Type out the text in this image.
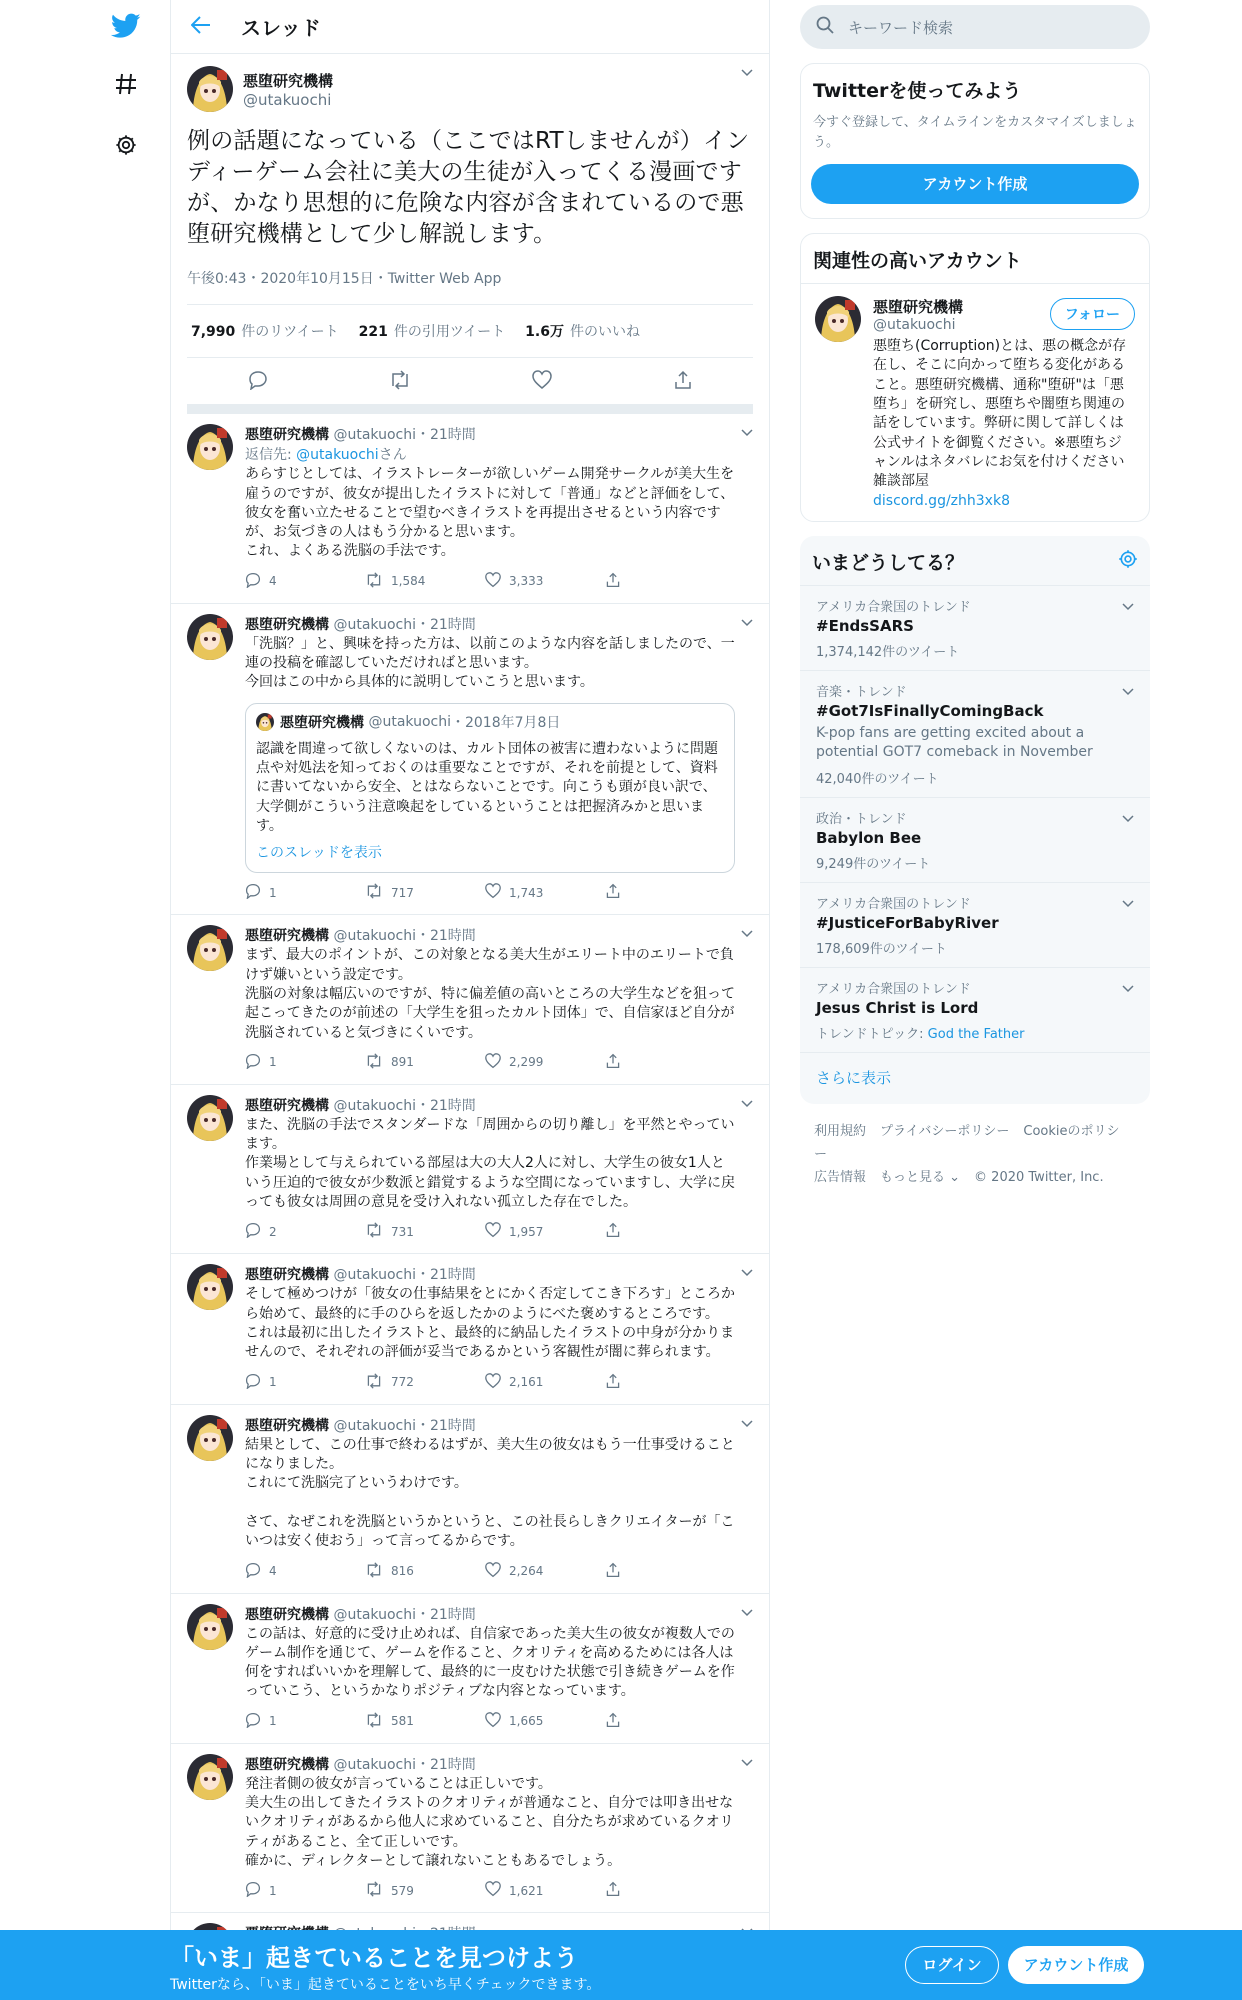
スレッド
悪堕研究機構
@utakuochi
例の話題になっている（ここではRTしませんが）インディーゲーム会社に美大の生徒が入ってくる漫画ですが、かなり思想的に危険な内容が含まれているので悪堕研究機構として少し解説します。
午後0:43・2020年10月15日・Twitter Web App
7,990 件のリツイート 221 件の引用ツイート 1.6万 件のいいね
悪堕研究機構 @utakuochi・21時間
返信先: @utakuochiさん
あらすじとしては、イラストレーターが欲しいゲーム開発サークルが美大生を雇うのですが、彼女が提出したイラストに対して「普通」などと評価をして、彼女を奮い立たせることで望むべきイラストを再提出させるという内容ですが、お気づきの人はもう分かると思います。
これ、よくある洗脳の手法です。
4	1,584	3,333
悪堕研究機構 @utakuochi・21時間
「洗脳？」と、興味を持った方は、以前このような内容を話しましたので、一連の投稿を確認していただければと思います。
今回はこの中から具体的に説明していこうと思います。
悪堕研究機構
@utakuochi ・2018年7月8日
認識を間違って欲しくないのは、カルト団体の被害に遭わないように問題点や対処法を知っておくのは重要なことですが、それを前提として、資料に書いてないから安全、とはならないことです。向こうも頭が良い訳で、大学側がこういう注意喚起をしているということは把握済みかと思います。
このスレッドを表示
1	717	1,743
悪堕研究機構 @utakuochi・21時間
まず、最大のポイントが、この対象となる美大生がエリート中のエリートで負けず嫌いという設定です。
洗脳の対象は幅広いのですが、特に偏差値の高いところの大学生などを狙って起こってきたのが前述の「大学生を狙ったカルト団体」で、自信家ほど自分が洗脳されていると気づきにくいです。
1	891	2,299
悪堕研究機構 @utakuochi・21時間
また、洗脳の手法でスタンダードな「周囲からの切り離し」を平然とやっています。
作業場として与えられている部屋は大の大人2人に対し、大学生の彼女1人という圧迫的で彼女が少数派と錯覚するような空間になっていますし、大学に戻っても彼女は周囲の意見を受け入れない孤立した存在でした。
2	731	1,957
悪堕研究機構 @utakuochi・21時間
そして極めつけが「彼女の仕事結果をとにかく否定してこき下ろす」ところから始めて、最終的に手のひらを返したかのようにべた褒めするところです。
これは最初に出したイラストと、最終的に納品したイラストの中身が分かりませんので、それぞれの評価が妥当であるかという客観性が闇に葬られます。
1	772	2,161
悪堕研究機構 @utakuochi・21時間
結果として、この仕事で終わるはずが、美大生の彼女はもう一仕事受けることになりました。
これにて洗脳完了というわけです。

さて、なぜこれを洗脳というかというと、この社長らしきクリエイターが「こいつは安く使おう」って言ってるからです。
4	816	2,264
悪堕研究機構 @utakuochi・21時間
この話は、好意的に受け止めれば、自信家であった美大生の彼女が複数人でのゲーム制作を通じて、ゲームを作ること、クオリティを高めるためには各人は何をすればいいかを理解して、最終的に一皮むけた状態で引き続きゲームを作っていこう、というかなりポジティブな内容となっています。
1	581	1,665
悪堕研究機構 @utakuochi・21時間
発注者側の彼女が言っていることは正しいです。
美大生の出してきたイラストのクオリティが普通なこと、自分では叩き出せないクオリティがあるから他人に求めていること、自分たちが求めているクオリティがあること、全て正しいです。
確かに、ディレクターとして譲れないこともあるでしょう。
1	579	1,621
キーワード検索
Twitterを使ってみよう
今すぐ登録して、タイムラインをカスタマイズしましょう。
アカウント作成
関連性の高いアカウント
悪堕研究機構
@utakuochi
悪堕ち(Corruption)とは、悪の概念が存在し、そこに向かって堕ちる変化があること。悪堕研究機構、通称"堕研"は「悪堕ち」を研究し、悪堕ちや闇堕ち関連の話をしています。弊研に関して詳しくは公式サイトを御覧ください。※悪堕ちジャンルはネタバレにお気を付けください 雑談部屋
discord.gg/zhh3xk8
フォロー
いまどうしてる？
アメリカ合衆国のトレンド
#EndsSARS
1,374,142件のツイート
音楽・トレンド
#Got7IsFinallyComingBack
K-pop fans are getting excited about a potential GOT7 comeback in November
42,040件のツイート
政治・トレンド
Babylon Bee
9,249件のツイート
アメリカ合衆国のトレンド
#JusticeForBabyRiver
178,609件のツイート
アメリカ合衆国のトレンド
Jesus Christ is Lord
トレンドトピック: God the Father
さらに表示
利用規約 プライバシーポリシー Cookieのポリシー
広告情報 もっと見る ⌄ © 2020 Twitter, Inc.
「いま」起きていることを見つけよう
Twitterなら、「いま」起きていることをいち早くチェックできます。
ログイン	アカウント作成
